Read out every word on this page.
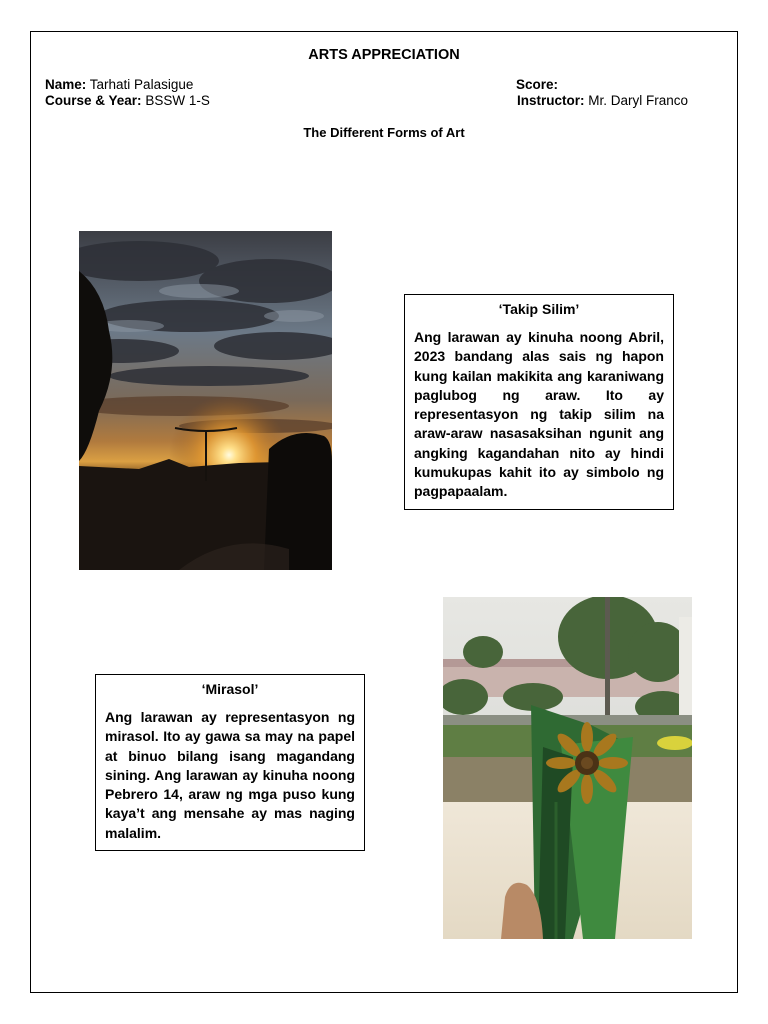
ARTS APPRECIATION
Name: Tarhati Palasigue
Course & Year: BSSW 1-S
Score:
Instructor: Mr. Daryl Franco
The Different Forms of Art
‘Takip Silim’
Ang larawan ay kinuha noong Abril, 2023 bandang alas sais ng hapon kung kailan makikita ang karaniwang paglubog ng araw. Ito ay representasyon ng takip silim na araw-araw nasasaksihan ngunit ang angking kagandahan nito ay hindi kumukupas kahit ito ay simbolo ng pagpapaalam.
‘Mirasol’
Ang larawan ay representasyon ng mirasol. Ito ay gawa sa may na papel at binuo bilang isang magandang sining. Ang larawan ay kinuha noong Pebrero 14, araw ng mga puso kung kaya’t ang mensahe ay mas naging malalim.
